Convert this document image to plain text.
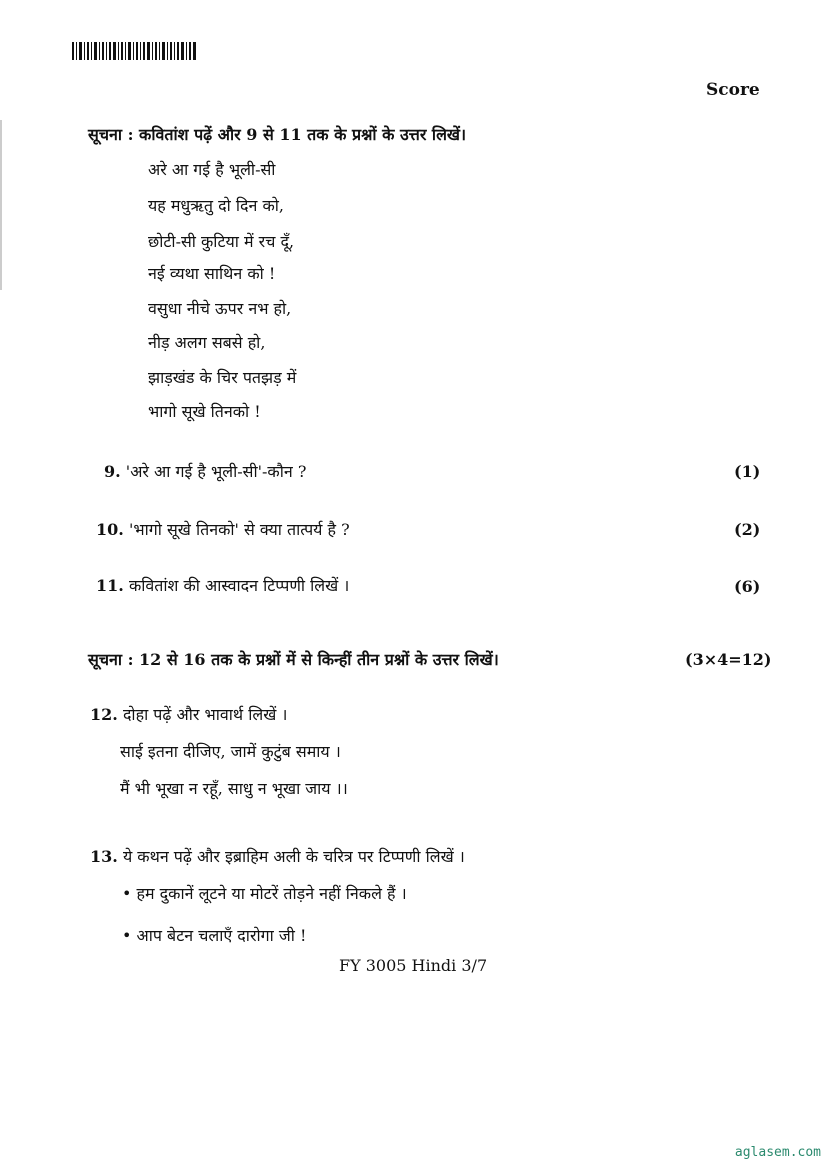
Score
सूचना : कवितांश पढ़ें और 9 से 11 तक के प्रश्नों के उत्तर लिखें।
अरे आ गई है भूली-सी
यह मधुऋतु दो दिन को,
छोटी-सी कुटिया में रच दूँ,
नई व्यथा साथिन को !
वसुधा नीचे ऊपर नभ हो,
नीड़ अलग सबसे हो,
झाड़खंड के चिर पतझड़ में
भागो सूखे तिनको !
9. 'अरे आ गई है भूली-सी'-कौन ?	(1)
10. 'भागो सूखे तिनको' से क्या तात्पर्य है ?	(2)
11. कवितांश की आस्वादन टिप्पणी लिखें ।	(6)
सूचना : 12 से 16 तक के प्रश्नों में से किन्हीं तीन प्रश्नों के उत्तर लिखें।	(3×4=12)
12. दोहा पढ़ें और भावार्थ लिखें ।
साई इतना दीजिए, जामें कुटुंब समाय ।
मैं भी भूखा न रहूँ, साधु न भूखा जाय ।।
13. ये कथन पढ़ें और इब्राहिम अली के चरित्र पर टिप्पणी लिखें ।
• हम दुकानें लूटने या मोटरें तोड़ने नहीं निकले हैं ।
• आप बेटन चलाएँ दारोगा जी !
FY 3005 Hindi 3/7
aglasem.com
